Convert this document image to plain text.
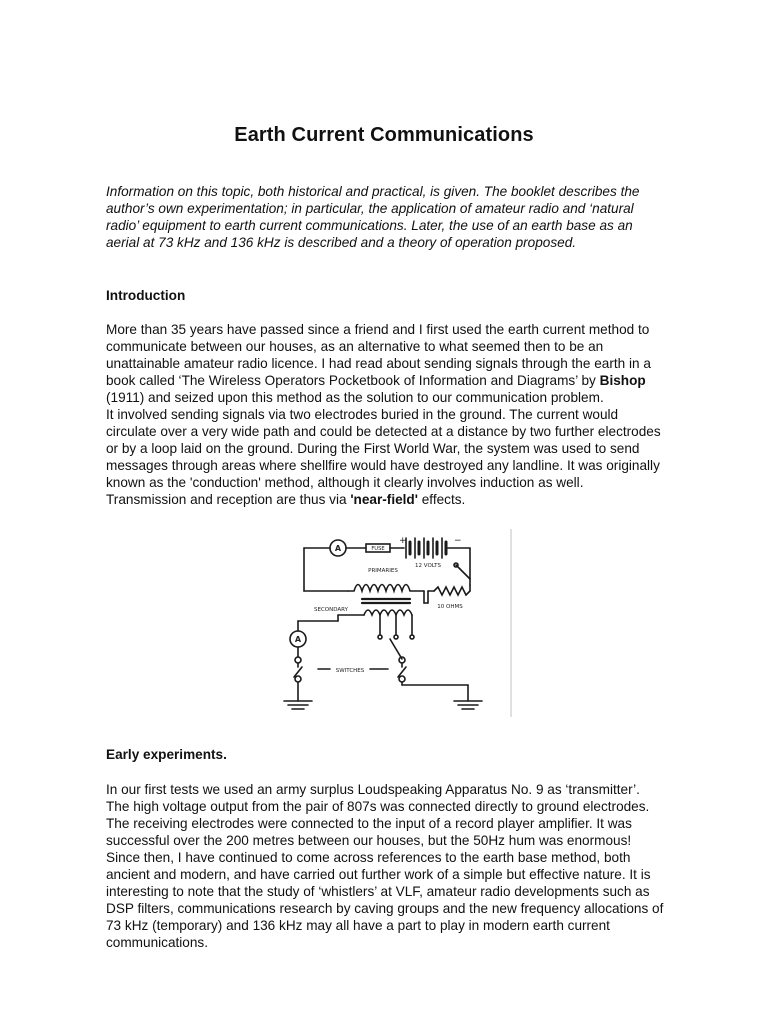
Earth Current Communications

Information on this topic, both historical and practical, is given. The booklet describes the author’s own experimentation; in particular, the application of amateur radio and ‘natural radio’ equipment to earth current communications. Later, the use of an earth base as an aerial at 73 kHz and 136 kHz is described and a theory of operation proposed.

Introduction

More than 35 years have passed since a friend and I first used the earth current method to communicate between our houses, as an alternative to what seemed then to be an unattainable amateur radio licence. I had read about sending signals through the earth in a book called ‘The Wireless Operators Pocketbook of Information and Diagrams’ by Bishop (1911) and seized upon this method as the solution to our communication problem.
It involved sending signals via two electrodes buried in the ground. The current would circulate over a very wide path and could be detected at a distance by two further electrodes or by a loop laid on the ground. During the First World War, the system was used to send messages through areas where shellfire would have destroyed any landline. It was originally known as the 'conduction' method, although it clearly involves induction as well. Transmission and reception are thus via 'near-field' effects.
A	FUSE
+	−
12 VOLTS
PRIMARIES
SECONDARY	10 OHMS
A
SWITCHES

Early experiments.

In our first tests we used an army surplus Loudspeaking Apparatus No. 9 as ‘transmitter’. The high voltage output from the pair of 807s was connected directly to ground electrodes. The receiving electrodes were connected to the input of a record player amplifier. It was successful over the 200 metres between our houses, but the 50Hz hum was enormous! Since then, I have continued to come across references to the earth base method, both ancient and modern, and have carried out further work of a simple but effective nature. It is interesting to note that the study of ‘whistlers’ at VLF, amateur radio developments such as DSP filters, communications research by caving groups and the new frequency allocations of 73 kHz (temporary) and 136 kHz may all have a part to play in modern earth current communications.
